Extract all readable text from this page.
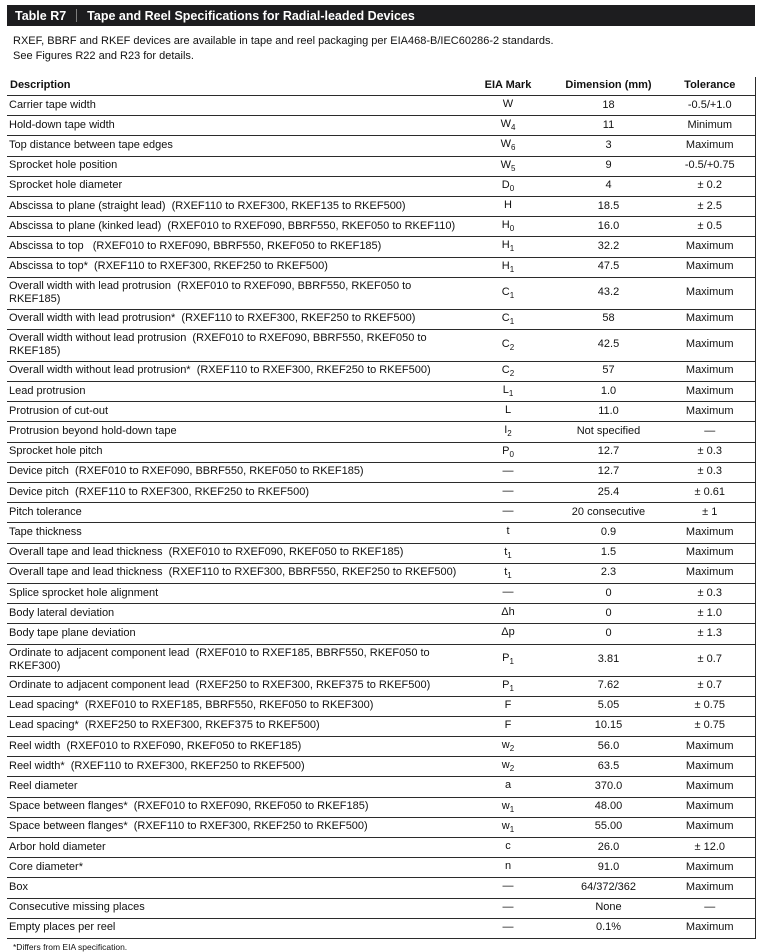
Table R7	Tape and Reel Specifications for Radial-leaded Devices
RXEF, BBRF and RKEF devices are available in tape and reel packaging per EIA468-B/IEC60286-2 standards.
See Figures R22 and R23 for details.
Description	EIA Mark	Dimension (mm)	Tolerance
Carrier tape width	W	18	-0.5/+1.0
Hold-down tape width	$W_4$	11	Minimum
Top distance between tape edges	$W_6$	3	Maximum
Sprocket hole position	$W_5$	9	-0.5/+0.75
Sprocket hole diameter	$D_0$	4	± 0.2
Abscissa to plane (straight lead)  (RXEF110 to RXEF300, RKEF135 to RKEF500)	H	18.5	± 2.5
Abscissa to plane (kinked lead)  (RXEF010 to RXEF090, BBRF550, RKEF050 to RKEF110)	$H_0$	16.0	± 0.5
Abscissa to top   (RXEF010 to RXEF090, BBRF550, RKEF050 to RKEF185)	$H_1$	32.2	Maximum
Abscissa to top*  (RXEF110 to RXEF300, RKEF250 to RKEF500)	$H_1$	47.5	Maximum
Overall width with lead protrusion  (RXEF010 to RXEF090, BBRF550, RKEF050 to RKEF185)	$C_1$	43.2	Maximum
Overall width with lead protrusion*  (RXEF110 to RXEF300, RKEF250 to RKEF500)	$C_1$	58	Maximum
Overall width without lead protrusion  (RXEF010 to RXEF090, BBRF550, RKEF050 to RKEF185)	$C_2$	42.5	Maximum
Overall width without lead protrusion*  (RXEF110 to RXEF300, RKEF250 to RKEF500)	$C_2$	57	Maximum
Lead protrusion	$L_1$	1.0	Maximum
Protrusion of cut-out	L	11.0	Maximum
Protrusion beyond hold-down tape	$I_2$	Not specified	—
Sprocket hole pitch	$P_0$	12.7	± 0.3
Device pitch  (RXEF010 to RXEF090, BBRF550, RKEF050 to RKEF185)	—	12.7	± 0.3
Device pitch  (RXEF110 to RXEF300, RKEF250 to RKEF500)	—	25.4	± 0.61
Pitch tolerance	—	20 consecutive	± 1
Tape thickness	t	0.9	Maximum
Overall tape and lead thickness  (RXEF010 to RXEF090, RKEF050 to RKEF185)	$t_1$	1.5	Maximum
Overall tape and lead thickness  (RXEF110 to RXEF300, BBRF550, RKEF250 to RKEF500)	$t_1$	2.3	Maximum
Splice sprocket hole alignment	—	0	± 0.3
Body lateral deviation	Δh	0	± 1.0
Body tape plane deviation	Δp	0	± 1.3
Ordinate to adjacent component lead  (RXEF010 to RXEF185, BBRF550, RKEF050 to RKEF300)	$P_1$	3.81	± 0.7
Ordinate to adjacent component lead  (RXEF250 to RXEF300, RKEF375 to RKEF500)	$P_1$	7.62	± 0.7
Lead spacing*  (RXEF010 to RXEF185, BBRF550, RKEF050 to RKEF300)	F	5.05	± 0.75
Lead spacing*  (RXEF250 to RXEF300, RKEF375 to RKEF500)	F	10.15	± 0.75
Reel width  (RXEF010 to RXEF090, RKEF050 to RKEF185)	$w_2$	56.0	Maximum
Reel width*  (RXEF110 to RXEF300, RKEF250 to RKEF500)	$w_2$	63.5	Maximum
Reel diameter	a	370.0	Maximum
Space between flanges*  (RXEF010 to RXEF090, RKEF050 to RKEF185)	$w_1$	48.00	Maximum
Space between flanges*  (RXEF110 to RXEF300, RKEF250 to RKEF500)	$w_1$	55.00	Maximum
Arbor hold diameter	c	26.0	± 12.0
Core diameter*	n	91.0	Maximum
Box	—	64/372/362	Maximum
Consecutive missing places	—	None	—
Empty places per reel	—	0.1%	Maximum
*Differs from EIA specification.
